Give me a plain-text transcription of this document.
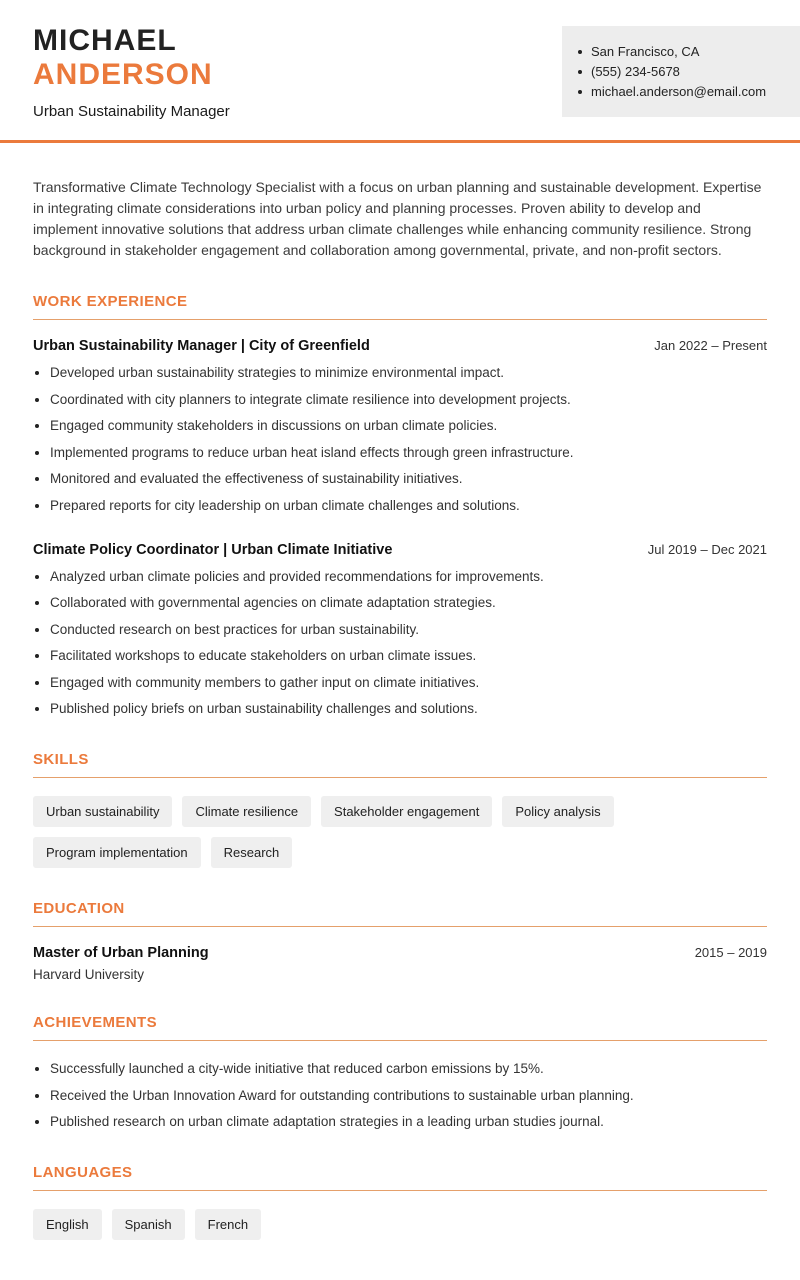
MICHAEL
ANDERSON
Urban Sustainability Manager
San Francisco, CA
(555) 234-5678
michael.anderson@email.com

Transformative Climate Technology Specialist with a focus on urban planning and sustainable development. Expertise in integrating climate considerations into urban policy and planning processes. Proven ability to develop and implement innovative solutions that address urban climate challenges while enhancing community resilience. Strong background in stakeholder engagement and collaboration among governmental, private, and non-profit sectors.

WORK EXPERIENCE
Urban Sustainability Manager | City of Greenfield	Jan 2022 – Present
• Developed urban sustainability strategies to minimize environmental impact.
• Coordinated with city planners to integrate climate resilience into development projects.
• Engaged community stakeholders in discussions on urban climate policies.
• Implemented programs to reduce urban heat island effects through green infrastructure.
• Monitored and evaluated the effectiveness of sustainability initiatives.
• Prepared reports for city leadership on urban climate challenges and solutions.
Climate Policy Coordinator | Urban Climate Initiative	Jul 2019 – Dec 2021
• Analyzed urban climate policies and provided recommendations for improvements.
• Collaborated with governmental agencies on climate adaptation strategies.
• Conducted research on best practices for urban sustainability.
• Facilitated workshops to educate stakeholders on urban climate issues.
• Engaged with community members to gather input on climate initiatives.
• Published policy briefs on urban sustainability challenges and solutions.
SKILLS
Urban sustainability	Climate resilience	Stakeholder engagement	Policy analysis
Program implementation	Research
EDUCATION
Master of Urban Planning	2015 – 2019
Harvard University
ACHIEVEMENTS
• Successfully launched a city-wide initiative that reduced carbon emissions by 15%.
• Received the Urban Innovation Award for outstanding contributions to sustainable urban planning.
• Published research on urban climate adaptation strategies in a leading urban studies journal.
LANGUAGES
English	Spanish	French
